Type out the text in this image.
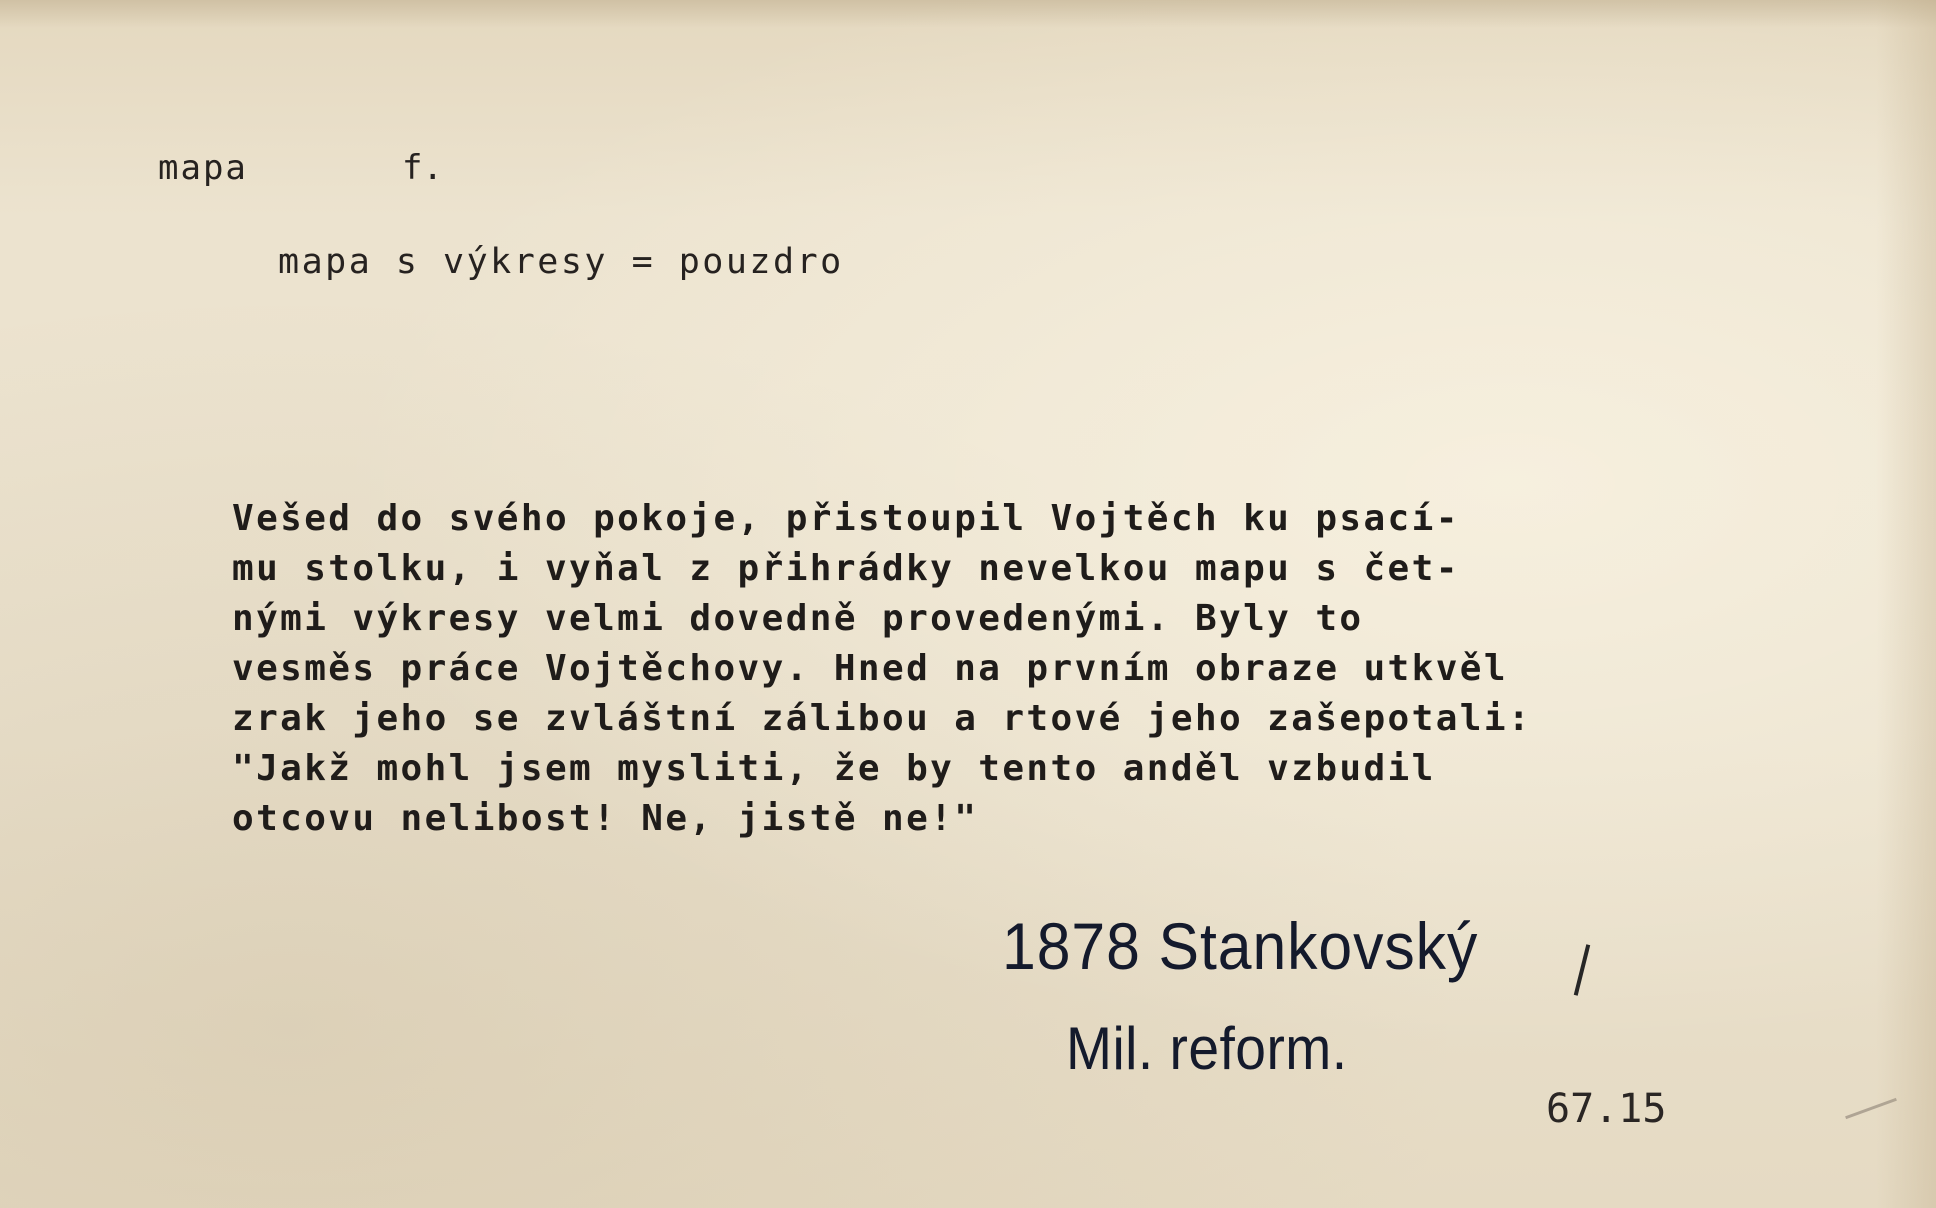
mapa	f.
mapa s výkresy = pouzdro
Vešed do svého pokoje, přistoupil Vojtěch ku psací-
mu stolku, i vyňal z přihrádky nevelkou mapu s čet-
nými výkresy velmi dovedně provedenými. Byly to
vesměs práce Vojtěchovy. Hned na prvním obraze utkvěl
zrak jeho se zvláštní zálibou a rtové jeho zašepotali:
"Jakž mohl jsem mysliti, že by tento anděl vzbudil
otcovu nelibost! Ne, jistě ne!"
1878 Stankovský
Mil. reform.
67.15
